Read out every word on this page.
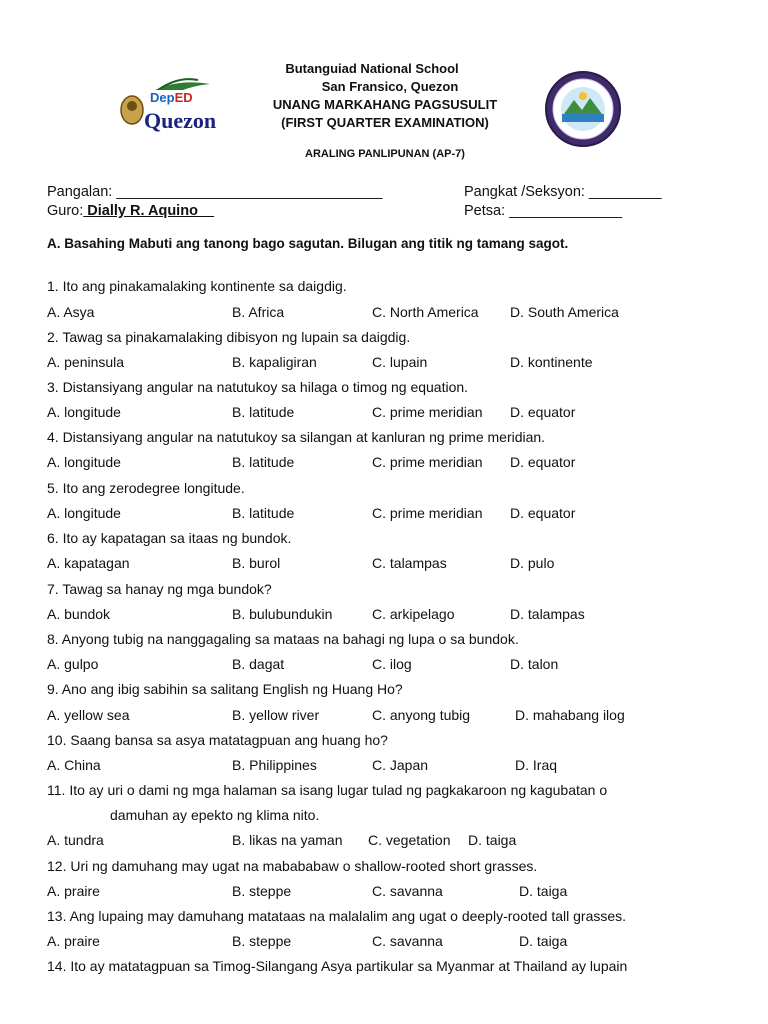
DepED
Quezon
Butanguiad National School
San Fransico, Quezon
UNANG MARKAHANG PAGSUSULIT
(FIRST QUARTER EXAMINATION)
ARALING PANLIPUNAN (AP-7)
Pangalan: _________________________________	Pangkat /Seksyon: _________
Guro: Dially R. Aquino__	Petsa: ______________
A. Basahing Mabuti ang tanong bago sagutan. Bilugan ang titik ng tamang sagot.
1. Ito ang pinakamalaking kontinente sa daigdig.
A. Asya	B. Africa	C. North America D. South America
2. Tawag sa pinakamalaking dibisyon ng lupain sa daigdig.
A. peninsula	B. kapaligiran	C. lupain	D. kontinente
3. Distansiyang angular na natutukoy sa hilaga o timog ng equation.
A. longitude	B. latitude	C. prime meridian D. equator
4. Distansiyang angular na natutukoy sa silangan at kanluran ng prime meridian.
A. longitude	B. latitude	C. prime meridian D. equator
5. Ito ang zerodegree longitude.
A. longitude	B. latitude	C. prime meridian D. equator
6. Ito ay kapatagan sa itaas ng bundok.
A. kapatagan	B. burol	C. talampas	D. pulo
7. Tawag sa hanay ng mga bundok?
A. bundok	B. bulubundukin	C. arkipelago	D. talampas
8. Anyong tubig na nanggagaling sa mataas na bahagi ng lupa o sa bundok.
A. gulpo	B. dagat	C. ilog	D. talon
9. Ano ang ibig sabihin sa salitang English ng Huang Ho?
A. yellow sea	B. yellow river	C. anyong tubig	D. mahabang ilog
10. Saang bansa sa asya matatagpuan ang huang ho?
A. China	B. Philippines	C. Japan	D. Iraq
11. Ito ay uri o dami ng mga halaman sa isang lugar tulad ng pagkakaroon ng kagubatan o
damuhan ay epekto ng klima nito.
A. tundra	B. likas na yaman C. vegetation D. taiga
12. Uri ng damuhang may ugat na mabababaw o shallow-rooted short grasses.
A. praire	B. steppe	C. savanna	D. taiga
13. Ang lupaing may damuhang matataas na malalalim ang ugat o deeply-rooted tall grasses.
A. praire	B. steppe	C. savanna	D. taiga
14. Ito ay matatagpuan sa Timog-Silangang Asya partikular sa Myanmar at Thailand ay lupain
